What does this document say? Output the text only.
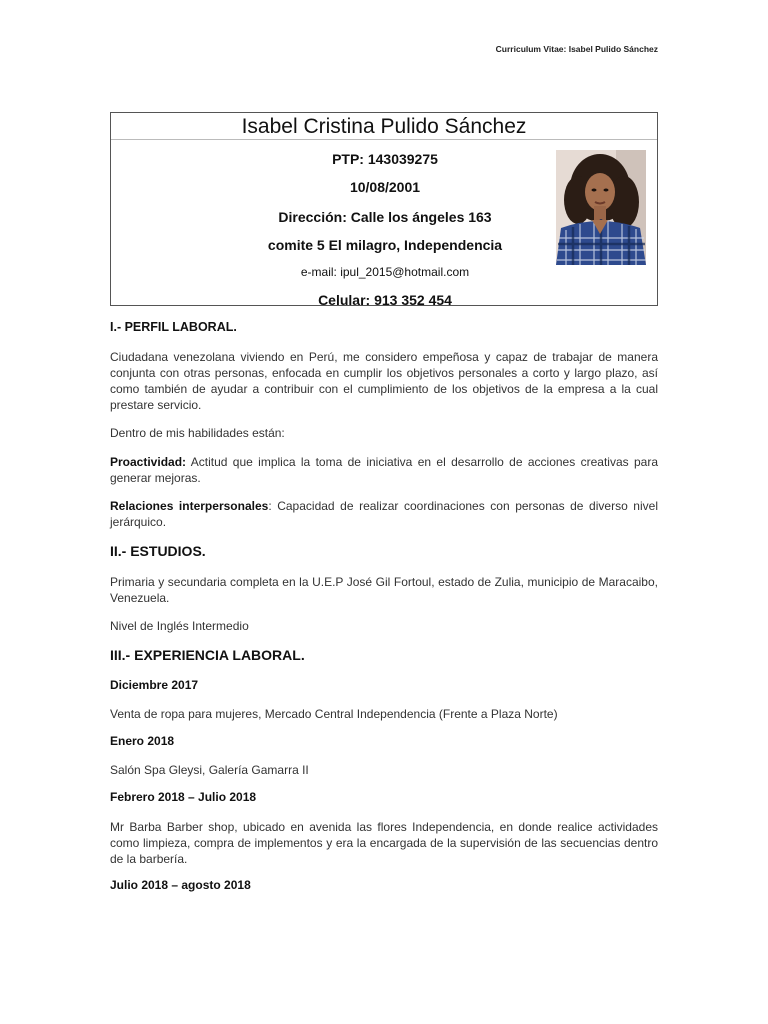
Curriculum Vitae: Isabel Pulido Sánchez
Isabel Cristina Pulido Sánchez
PTP: 143039275
10/08/2001
Dirección: Calle los ángeles 163
comite 5 El milagro, Independencia
e-mail: ipul_2015@hotmail.com
Celular: 913 352 454
I.- PERFIL LABORAL.

Ciudadana venezolana viviendo en Perú, me considero empeñosa y capaz de trabajar de manera conjunta con otras personas, enfocada en cumplir los objetivos personales a corto y largo plazo, así como también de ayudar a contribuir con el cumplimiento de los objetivos de la empresa a la cual prestare servicio.

Dentro de mis habilidades están:

Proactividad: Actitud que implica la toma de iniciativa en el desarrollo de acciones creativas para generar mejoras.

Relaciones interpersonales: Capacidad de realizar coordinaciones con personas de diverso nivel jerárquico.

II.- ESTUDIOS.

Primaria y secundaria completa en la U.E.P José Gil Fortoul, estado de Zulia, municipio de Maracaibo, Venezuela.

Nivel de Inglés Intermedio

III.- EXPERIENCIA LABORAL.
Diciembre 2017

Venta de ropa para mujeres, Mercado Central Independencia (Frente a Plaza Norte)

Enero 2018

Salón Spa Gleysi, Galería Gamarra II

Febrero 2018 – Julio 2018

Mr Barba Barber shop, ubicado en avenida las flores Independencia, en donde realice actividades como limpieza, compra de implementos y era la encargada de la supervisión de las secuencias dentro de la barbería.

Julio 2018 – agosto 2018
